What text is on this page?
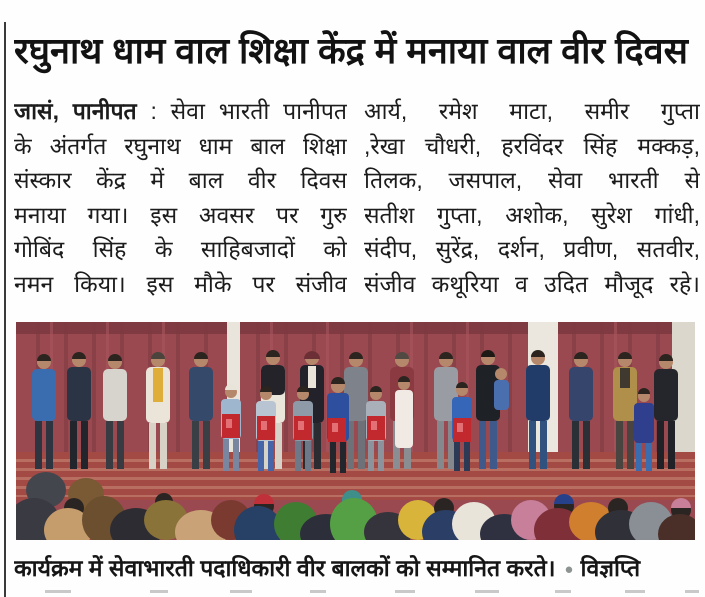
रघुनाथ धाम वाल शिक्षा केंद्र में मनाया वाल वीर दिवस
जासं, पानीपत : सेवा भारती पानीपत
के अंतर्गत रघुनाथ धाम बाल शिक्षा
संस्कार केंद्र में बाल वीर दिवस
मनाया गया। इस अवसर पर गुरु
गोबिंद सिंह के साहिबजादों को
नमन किया। इस मौके पर संजीव
आर्य, रमेश माटा, समीर गुप्ता
,रेखा चौधरी, हरविंदर सिंह मक्कड़,
तिलक, जसपाल, सेवा भारती से
सतीश गुप्ता, अशोक, सुरेश गांधी,
संदीप, सुरेंद्र, दर्शन, प्रवीण, सतवीर,
संजीव कथूरिया व उदित मौजूद रहे।
कार्यक्रम में सेवाभारती पदाधिकारी वीर बालकों को सम्मानित करते। ● विज्ञप्ति
